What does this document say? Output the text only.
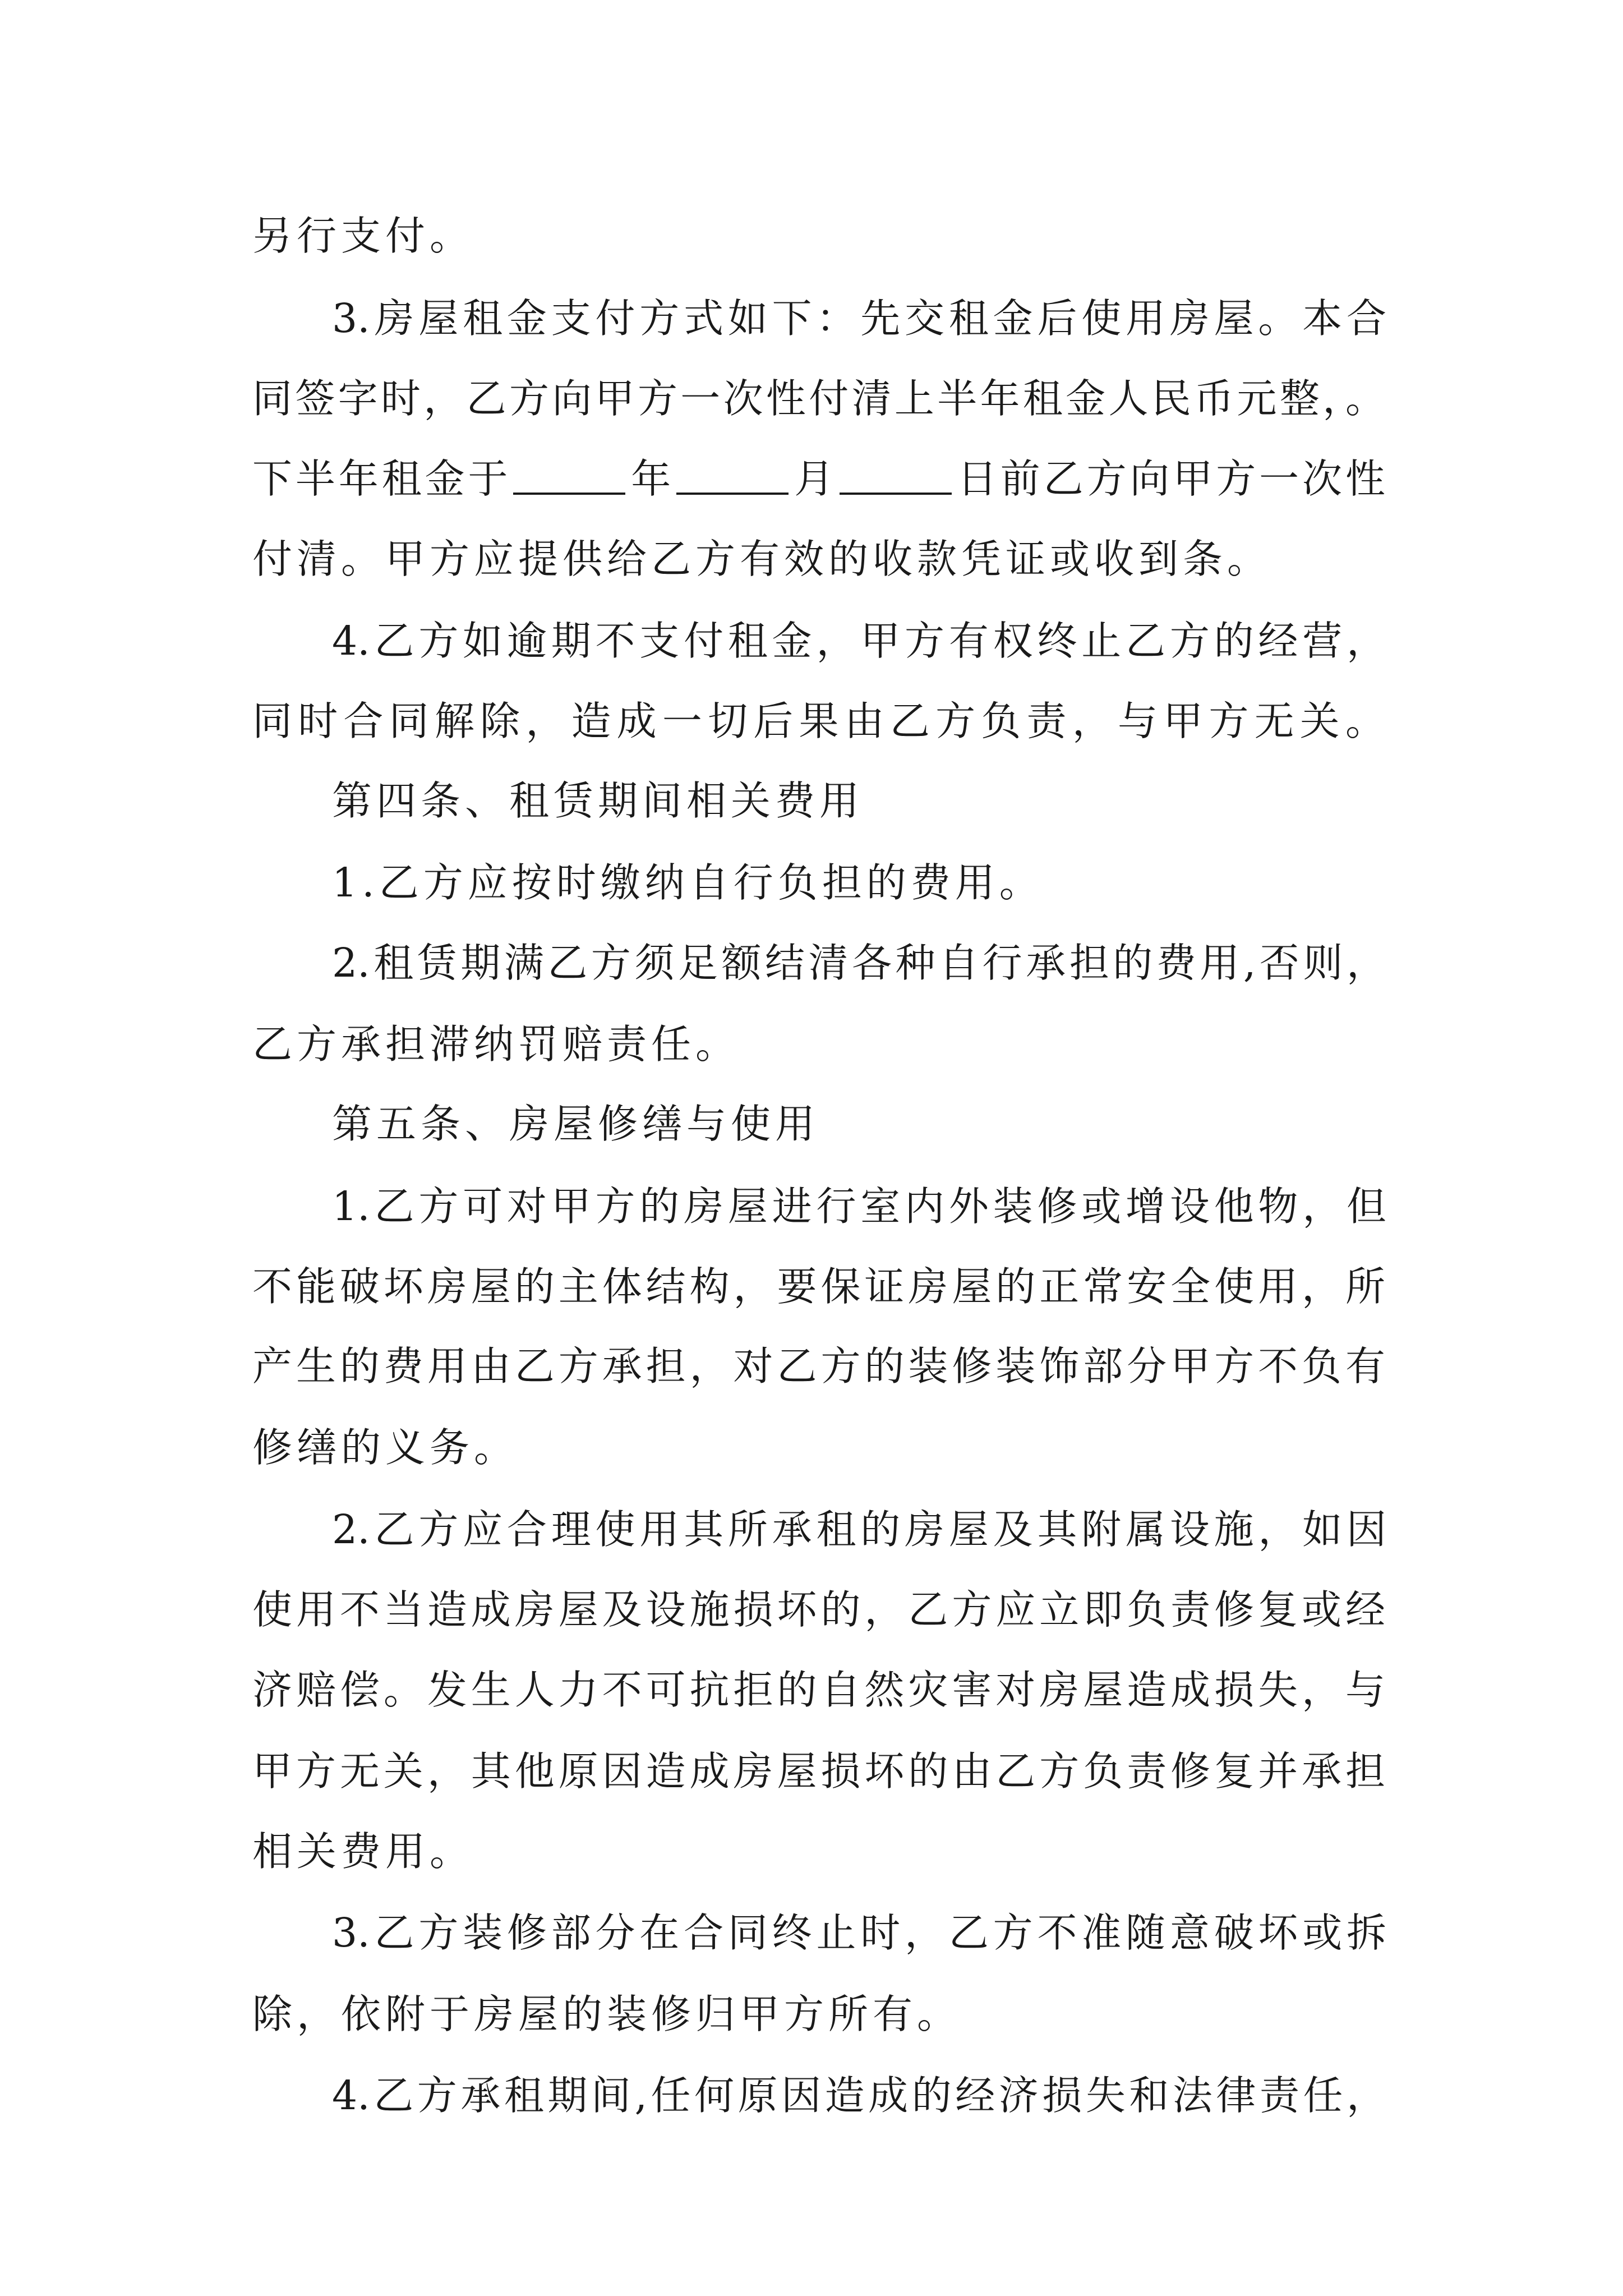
另行支付。
3.房屋租金支付方式如下：先交租金后使用房屋。本合
同签字时，乙方向甲方一次性付清上半年租金人民币元整，。
下半年租金于	年	月	日前乙方向甲方一次性
付清。甲方应提供给乙方有效的收款凭证或收到条。
4.乙方如逾期不支付租金，甲方有权终止乙方的经营，
同时合同解除，造成一切后果由乙方负责，与甲方无关。
第四条、租赁期间相关费用
1.乙方应按时缴纳自行负担的费用。
2.租赁期满乙方须足额结清各种自行承担的费用,否则，
乙方承担滞纳罚赔责任。
第五条、房屋修缮与使用
1.乙方可对甲方的房屋进行室内外装修或增设他物，但
不能破坏房屋的主体结构，要保证房屋的正常安全使用，所
产生的费用由乙方承担，对乙方的装修装饰部分甲方不负有
修缮的义务。
2.乙方应合理使用其所承租的房屋及其附属设施，如因
使用不当造成房屋及设施损坏的，乙方应立即负责修复或经
济赔偿。发生人力不可抗拒的自然灾害对房屋造成损失，与
甲方无关，其他原因造成房屋损坏的由乙方负责修复并承担
相关费用。
3.乙方装修部分在合同终止时，乙方不准随意破坏或拆
除，依附于房屋的装修归甲方所有。
4.乙方承租期间,任何原因造成的经济损失和法律责任，
